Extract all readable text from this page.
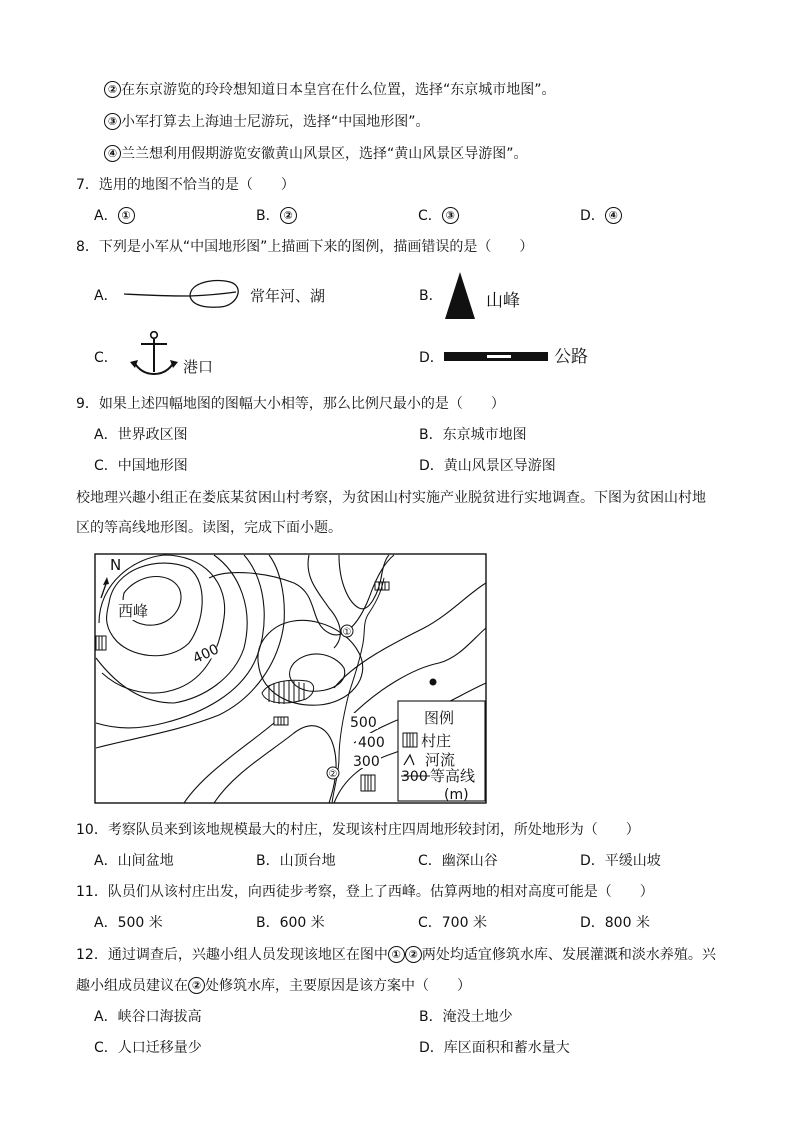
② 在东京游览的玲玲想知道日本皇宫在什么位置，选择“东京城市地图”。
③ 小军打算去上海迪士尼游玩，选择“中国地形图”。
④ 兰兰想利用假期游览安徽黄山风景区，选择“黄山风景区导游图”。
7．选用的地图不恰当的是（　　）
A． ①	B． ②	C． ③	D． ④
8．下列是小军从“中国地形图”上描画下来的图例，描画错误的是（　　）
A．	常年河、湖	B．	山峰
C．	港口	D．	公路
9．如果上述四幅地图的图幅大小相等，那么比例尺最小的是（　　）
A．世界政区图	B．东京城市地图
C．中国地形图	D．黄山风景区导游图
校地理兴趣小组正在娄底某贫困山村考察，为贫困山村实施产业脱贫进行实地调查。下图为贫困山村地
区的等高线地形图。读图，完成下面小题。
①
②
N
西峰
400
500
400
300
图例
村庄
河流
300 等高线
(m)
10．考察队员来到该地规模最大的村庄，发现该村庄四周地形较封闭，所处地形为（　　）
A．山间盆地	B．山顶台地	C．幽深山谷	D．平缓山坡
11．队员们从该村庄出发，向西徒步考察，登上了西峰。估算两地的相对高度可能是（　　）
A．500 米	B．600 米	C．700 米	D．800 米
12．通过调查后，兴趣小组人员发现该地区在图中 ① ② 两处均适宜修筑水库、发展灌溉和淡水养殖。兴
趣小组成员建议在 ② 处修筑水库，主要原因是该方案中（　　）
A．峡谷口海拔高	B．淹没土地少
C．人口迁移量少	D．库区面积和蓄水量大
